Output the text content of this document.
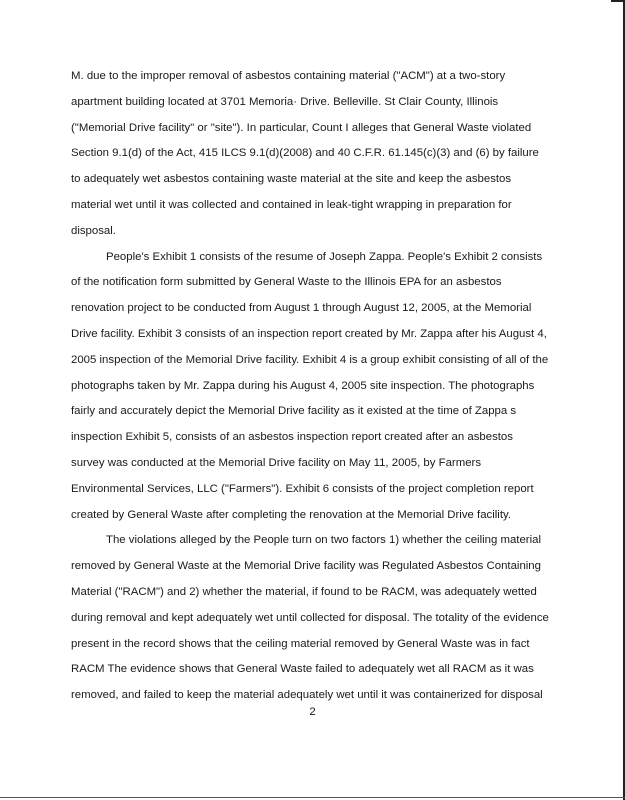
M. due to the improper removal of asbestos containing material ("ACM") at a two-story
apartment building located at 3701 Memoria· Drive. Belleville. St Clair County, Illinois
("Memorial Drive facility" or "site"). In particular, Count I alleges that General Waste violated
Section 9.1(d) of the Act, 415 ILCS 9.1(d)(2008) and 40 C.F.R. 61.145(c)(3) and (6) by failure
to adequately wet asbestos containing waste material at the site and keep the asbestos
material wet until it was collected and contained in leak-tight wrapping in preparation for
disposal.
People's Exhibit 1 consists of the resume of Joseph Zappa. People's Exhibit 2 consists
of the notification form submitted by General Waste to the Illinois EPA for an asbestos
renovation project to be conducted from August 1 through August 12, 2005, at the Memorial
Drive facility. Exhibit 3 consists of an inspection report created by Mr. Zappa after his August 4,
2005 inspection of the Memorial Drive facility. Exhibit 4 is a group exhibit consisting of all of the
photographs taken by Mr. Zappa during his August 4, 2005 site inspection. The photographs
fairly and accurately depict the Memorial Drive facility as it existed at the time of Zappa s
inspection Exhibit 5, consists of an asbestos inspection report created after an asbestos
survey was conducted at the Memorial Drive facility on May 11, 2005, by Farmers
Environmental Services, LLC ("Farmers"). Exhibit 6 consists of the project completion report
created by General Waste after completing the renovation at the Memorial Drive facility.
The violations alleged by the People turn on two factors 1) whether the ceiling material
removed by General Waste at the Memorial Drive facility was Regulated Asbestos Containing
Material ("RACM") and 2) whether the material, if found to be RACM, was adequately wetted
during removal and kept adequately wet until collected for disposal. The totality of the evidence
present in the record shows that the ceiling material removed by General Waste was in fact
RACM The evidence shows that General Waste failed to adequately wet all RACM as it was
removed, and failed to keep the material adequately wet until it was containerized for disposal
2
